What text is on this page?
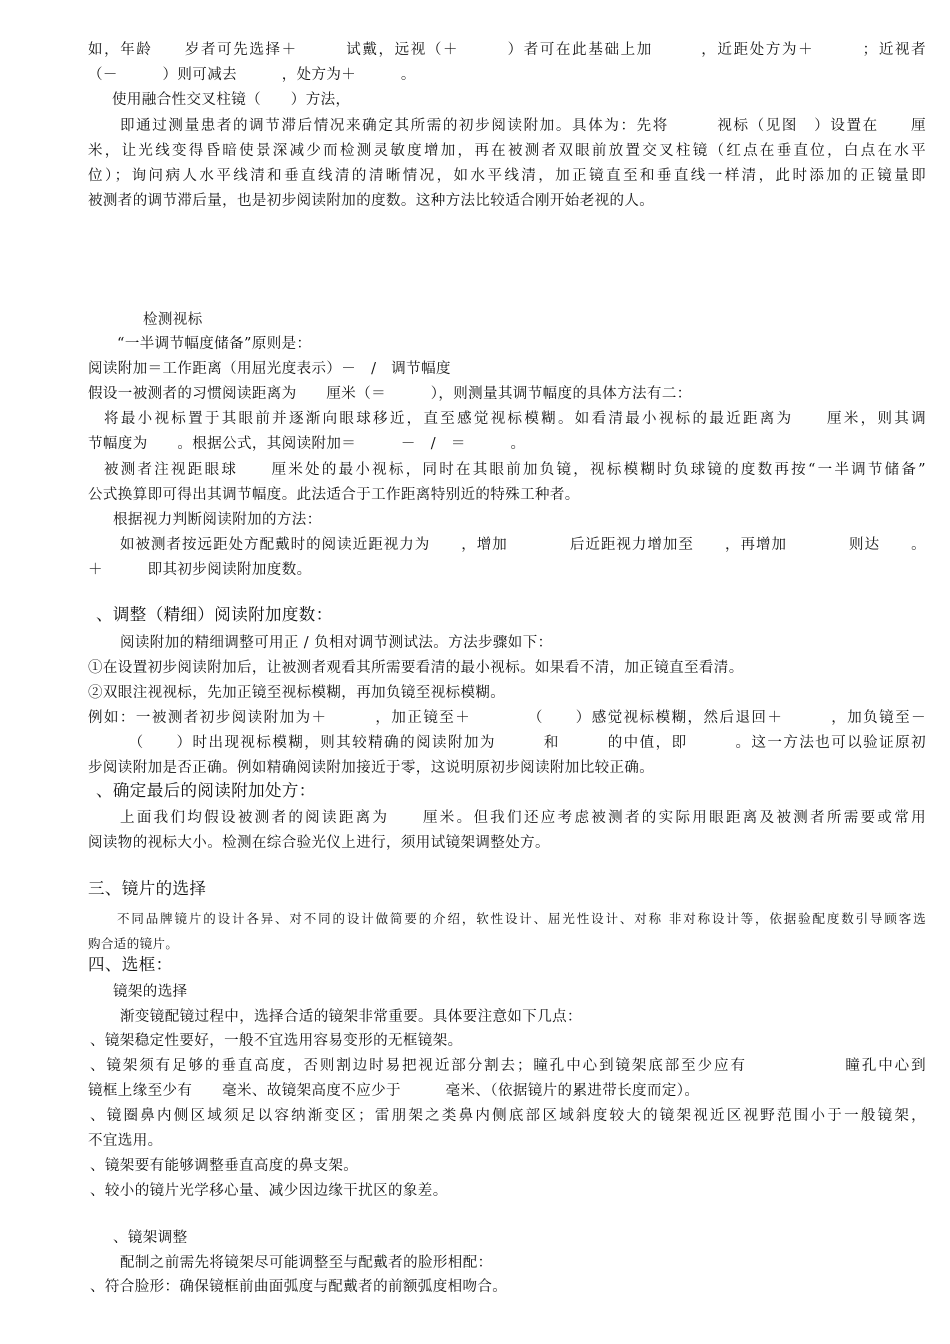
如，年龄　　岁者可先选择＋　　　试戴，远视（＋　　　）者可在此基础上加　　　，近距处方为＋　　　；近视者
（－　　　）则可减去　　　，处方为＋　　　。
使用融合性交叉柱镜（　　）方法，
即通过测量患者的调节滞后情况来确定其所需的初步阅读附加。具体为：先将　　　视标（见图　）设置在　　厘
米，让光线变得昏暗使景深减少而检测灵敏度增加，再在被测者双眼前放置交叉柱镜（红点在垂直位，白点在水平
位）；询问病人水平线清和垂直线清的清晰情况，如水平线清，加正镜直至和垂直线一样清，此时添加的正镜量即
被测者的调节滞后量，也是初步阅读附加的度数。这种方法比较适合刚开始老视的人。
检测视标
“一半调节幅度储备”原则是：
阅读附加＝工作距离（用屈光度表示）－　/　调节幅度
假设一被测者的习惯阅读距离为　　厘米（＝　　　），则测量其调节幅度的具体方法有二：
将最小视标置于其眼前并逐渐向眼球移近，直至感觉视标模糊。如看清最小视标的最近距离为　　厘米，则其调
节幅度为　　。根据公式，其阅读附加＝　　　－　/　＝　　　。
被测者注视距眼球　　厘米处的最小视标，同时在其眼前加负镜，视标模糊时负球镜的度数再按“一半调节储备”
公式换算即可得出其调节幅度。此法适合于工作距离特别近的特殊工种者。
根据视力判断阅读附加的方法：
如被测者按远距处方配戴时的阅读近距视力为　　，增加　　　　后近距视力增加至　　，再增加　　　　则达　　。
＋　　　即其初步阅读附加度数。
、调整（精细）阅读附加度数：
阅读附加的精细调整可用正 / 负相对调节测试法。方法步骤如下：
①在设置初步阅读附加后，让被测者观看其所需要看清的最小视标。如果看不清，加正镜直至看清。
②双眼注视视标，先加正镜至视标模糊，再加负镜至视标模糊。
例如：一被测者初步阅读附加为＋　　　，加正镜至＋　　　　（　　）感觉视标模糊，然后退回＋　　　，加负镜至－
　　　（　　）时出现视标模糊，则其较精确的阅读附加为　　　和　　　的中值，即　　　。这一方法也可以验证原初
步阅读附加是否正确。例如精确阅读附加接近于零，这说明原初步阅读附加比较正确。
、确定最后的阅读附加处方：
上面我们均假设被测者的阅读距离为　　厘米。但我们还应考虑被测者的实际用眼距离及被测者所需要或常用
阅读物的视标大小。检测在综合验光仪上进行，须用试镜架调整处方。
三、镜片的选择
不同品牌镜片的设计各异、对不同的设计做简要的介绍，软性设计、屈光性设计、对称 非对称设计等，依据验配度数引导顾客选
购合适的镜片。
四、选框：
镜架的选择
渐变镜配镜过程中，选择合适的镜架非常重要。具体要注意如下几点：
、镜架稳定性要好，一般不宜选用容易变形的无框镜架。
、镜架须有足够的垂直高度，否则割边时易把视近部分割去；瞳孔中心到镜架底部至少应有　　　　　　瞳孔中心到
镜框上缘至少有　　毫米、故镜架高度不应少于　　　毫米、（依据镜片的累进带长度而定）。
、镜圈鼻内侧区域须足以容纳渐变区；雷朋架之类鼻内侧底部区域斜度较大的镜架视近区视野范围小于一般镜架，
不宜选用。
、镜架要有能够调整垂直高度的鼻支架。
、较小的镜片光学移心量、减少因边缘干扰区的象差。
、镜架调整
配制之前需先将镜架尽可能调整至与配戴者的脸形相配：
、符合脸形：确保镜框前曲面弧度与配戴者的前额弧度相吻合。
